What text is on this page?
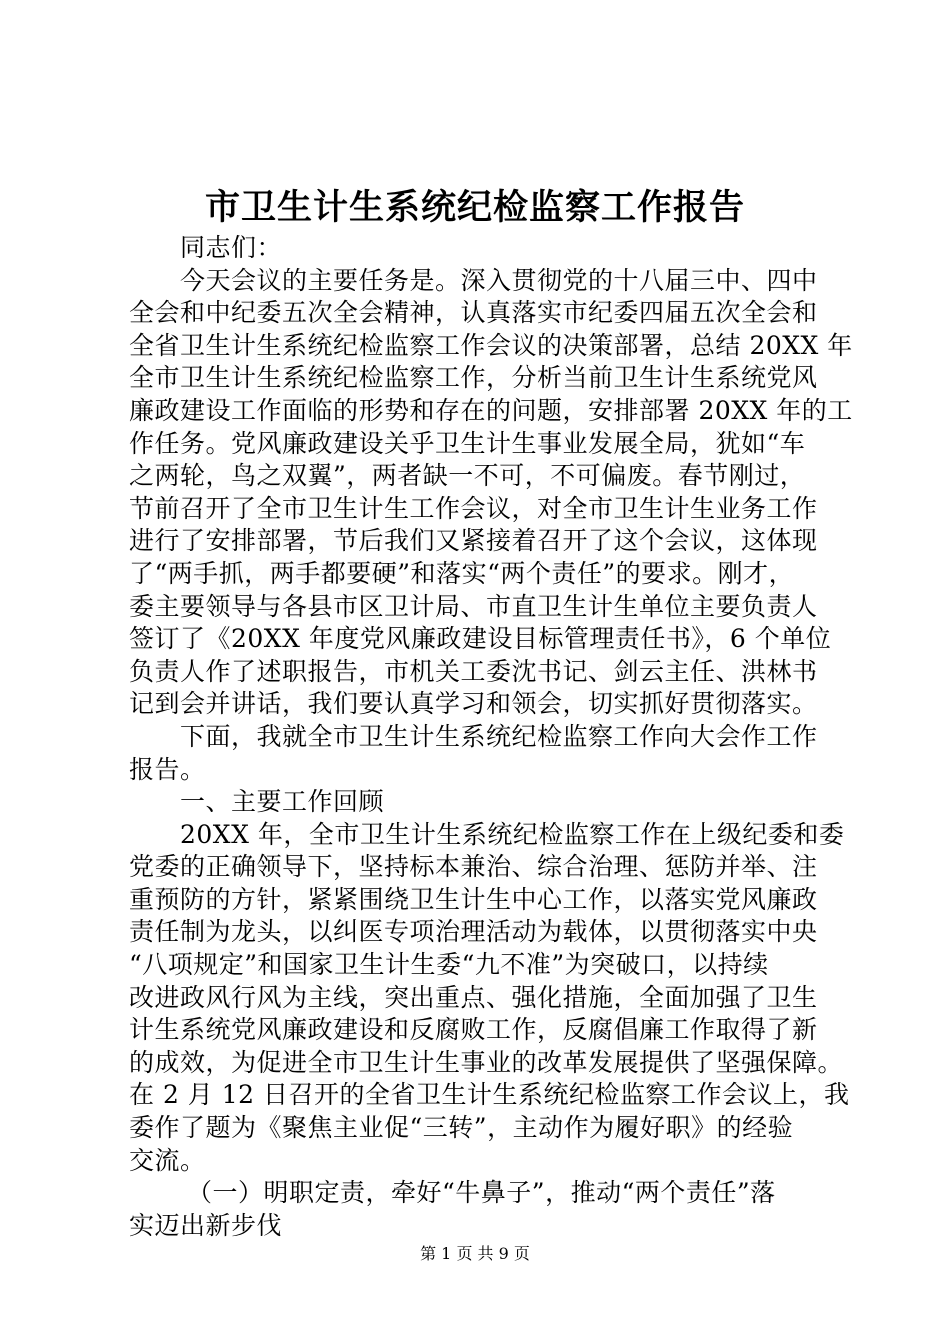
市卫生计生系统纪检监察工作报告
同志们：
今天会议的主要任务是。深入贯彻党的十八届三中、四中
全会和中纪委五次全会精神，认真落实市纪委四届五次全会和
全省卫生计生系统纪检监察工作会议的决策部署，总结 20XX 年
全市卫生计生系统纪检监察工作，分析当前卫生计生系统党风
廉政建设工作面临的形势和存在的问题，安排部署 20XX 年的工
作任务。党风廉政建设关乎卫生计生事业发展全局，犹如“车
之两轮，鸟之双翼”，两者缺一不可，不可偏废。春节刚过，
节前召开了全市卫生计生工作会议，对全市卫生计生业务工作
进行了安排部署，节后我们又紧接着召开了这个会议，这体现
了“两手抓，两手都要硬”和落实“两个责任”的要求。刚才，
委主要领导与各县市区卫计局、市直卫生计生单位主要负责人
签订了《20XX 年度党风廉政建设目标管理责任书》，6 个单位
负责人作了述职报告，市机关工委沈书记、剑云主任、洪林书
记到会并讲话，我们要认真学习和领会，切实抓好贯彻落实。
下面，我就全市卫生计生系统纪检监察工作向大会作工作
报告。
一、主要工作回顾
20XX 年，全市卫生计生系统纪检监察工作在上级纪委和委
党委的正确领导下，坚持标本兼治、综合治理、惩防并举、注
重预防的方针，紧紧围绕卫生计生中心工作，以落实党风廉政
责任制为龙头，以纠医专项治理活动为载体，以贯彻落实中央
“八项规定”和国家卫生计生委“九不准”为突破口，以持续
改进政风行风为主线，突出重点、强化措施，全面加强了卫生
计生系统党风廉政建设和反腐败工作，反腐倡廉工作取得了新
的成效，为促进全市卫生计生事业的改革发展提供了坚强保障。
在 2 月 12 日召开的全省卫生计生系统纪检监察工作会议上，我
委作了题为《聚焦主业促“三转”，主动作为履好职》的经验
交流。
（一）明职定责，牵好“牛鼻子”，推动“两个责任”落
实迈出新步伐
第 1 页 共 9 页
